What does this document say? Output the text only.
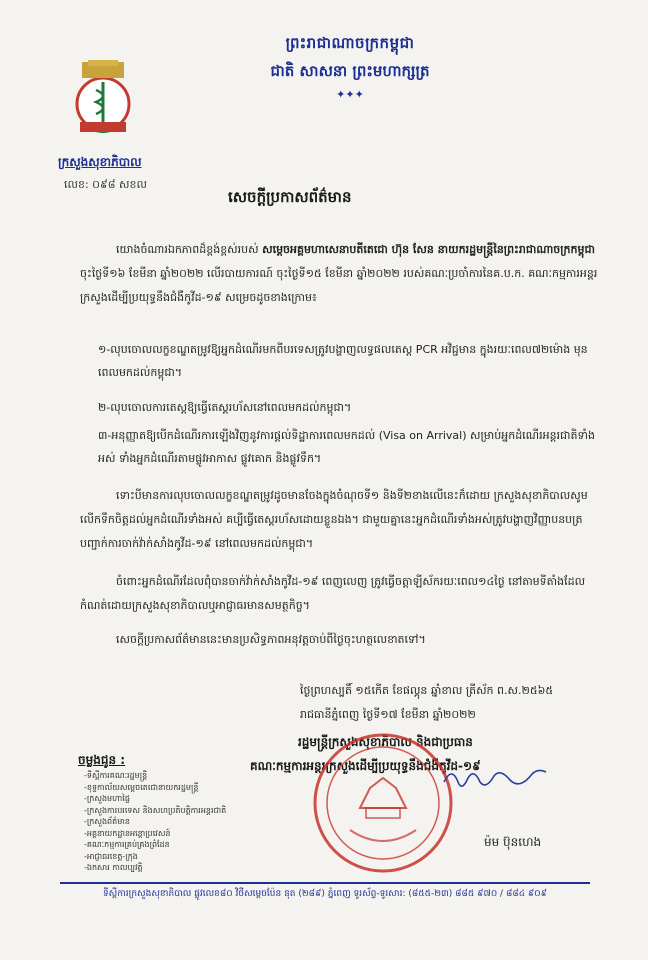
ព្រះរាជាណាចក្រកម្ពុជា
ជាតិ សាសនា ព្រះមហាក្សត្រ
✦✦✦
ក្រសួងសុខាភិបាល
លេខ: ០៩៨ សខល
សេចក្តីប្រកាសព័ត៌មាន
យោងចំណារឯកភាពដ៏ខ្ពង់ខ្ពស់របស់ សម្តេចអគ្គមហាសេនាបតីតេជោ ហ៊ុន សែន នាយករដ្ឋមន្ត្រីនៃព្រះរាជាណាចក្រកម្ពុជា ចុះថ្ងៃទី១៦ ខែមីនា ឆ្នាំ២០២២ លើរបាយការណ៍ ចុះថ្ងៃទី១៥ ខែមីនា ឆ្នាំ២០២២ របស់គណៈប្រចាំការនៃគ.ប.ក. គណៈកម្មការអន្តរក្រសួងដើម្បីប្រយុទ្ធនឹងជំងឺកូវីដ-១៩ សម្រេចដូចខាងក្រោម៖
១-លុបចោលលក្ខខណ្ឌតម្រូវឱ្យអ្នកដំណើរមកពីបរទេសត្រូវបង្ហាញលទ្ធផលតេស្ត PCR អវិជ្ជមាន ក្នុងរយៈពេល៧២ម៉ោង មុនពេលមកដល់កម្ពុជា។
២-លុបចោលការតេស្តឱ្យធ្វើតេស្តរហ័សនៅពេលមកដល់កម្ពុជា។
៣-អនុញ្ញាតឱ្យបើកដំណើរការឡើងវិញនូវការផ្តល់ទិដ្ឋាការពេលមកដល់ (Visa on Arrival) សម្រាប់អ្នកដំណើរអន្តរជាតិទាំងអស់ ទាំងអ្នកដំណើរតាមផ្លូវអាកាស ផ្លូវគោក និងផ្លូវទឹក។
ទោះបីមានការលុបចោលលក្ខខណ្ឌតម្រូវដូចមានចែងក្នុងចំណុចទី១ និងទី២ខាងលើនេះក៏ដោយ ក្រសួងសុខាភិបាលសូមលើកទឹកចិត្តដល់អ្នកដំណើរទាំងអស់ គប្បីធ្វើតេស្តរហ័សដោយខ្លួនឯង។ ជាមួយគ្នានេះអ្នកដំណើរទាំងអស់ត្រូវបង្ហាញវិញ្ញាបនបត្របញ្ជាក់ការចាក់វ៉ាក់សាំងកូវីដ-១៩ នៅពេលមកដល់កម្ពុជា។
ចំពោះអ្នកដំណើរដែលពុំបានចាក់វ៉ាក់សាំងកូវីដ-១៩ ពេញលេញ ត្រូវធ្វើចត្តាឡីស័ករយៈពេល១៤ថ្ងៃ នៅតាមទីតាំងដែលកំណត់ដោយក្រសួងសុខាភិបាលឬអាជ្ញាធរមានសមត្ថកិច្ច។
សេចក្តីប្រកាសព័ត៌មាននេះមានប្រសិទ្ធភាពអនុវត្តចាប់ពីថ្ងៃចុះហត្ថលេខាតទៅ។
ថ្ងៃព្រហស្បតិ៍ ១៥កើត ខែផល្គុន ឆ្នាំខាល ត្រីស័ក ព.ស.២៥៦៥
រាជធានីភ្នំពេញ ថ្ងៃទី១៧ ខែមីនា ឆ្នាំ២០២២
រដ្ឋមន្ត្រីក្រសួងសុខាភិបាល និងជាប្រធាន
គណៈកម្មការអន្តរក្រសួងដើម្បីប្រយុទ្ធនឹងជំងឺកូវីដ-១៩
ម៉ម ប៊ុនហេង
ចម្លងជូន :
-ទីស្តីការគណៈរដ្ឋមន្ត្រី
-ខុទ្ទកាល័យសម្តេចតេជោនាយករដ្ឋមន្ត្រី
-ក្រសួងមហាផ្ទៃ
-ក្រសួងការបរទេស និងសហប្រតិបត្តិការអន្តរជាតិ
-ក្រសួងព័ត៌មាន
-អគ្គនាយកដ្ឋានអន្តោប្រវេសន៍
-គណៈកម្មការគ្រប់គ្រងព្រំដែន
-អាជ្ញាធរខេត្ត-ក្រុង
-ឯកសារ កាលប្បវត្តិ
ទីស្តីការក្រសួងសុខាភិបាល ផ្លូវលេខ៨០ វិថីសម្តេចប៉ែន នុត (២៨៩) ភ្នំពេញ ទូរស័ព្ទ-ទូរសារ: (៨៥៥-២៣) ៨៨៥ ៩៧០ / ៨៨៤ ៩០៩
